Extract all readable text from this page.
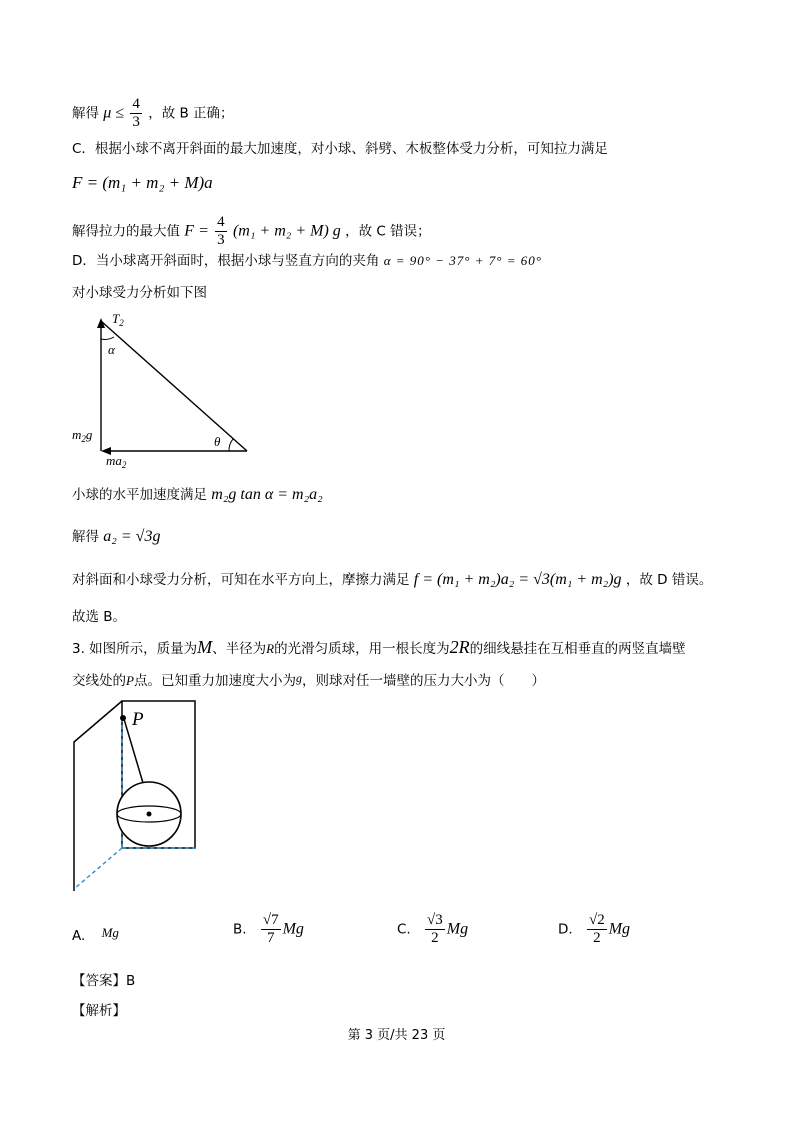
解得 $\mu \le \frac{4}{3}$ ，故 B 正确；
C．根据小球不离开斜面的最大加速度，对小球、斜劈、木板整体受力分析，可知拉力满足
F = (m₁ + m₂ + M)a
解得拉力的最大值 $F = \frac{4}{3} (m_1 + m_2 + M)$ g ，故 C 错误；
D．当小球离开斜面时，根据小球与竖直方向的夹角 α = 90° − 37° + 7° = 60°
对小球受力分析如下图
$T_2$
α
θ
$m_2g$
$ma_2$
小球的水平加速度满足 m₂g tan α = m₂a₂
解得 a₂ = √3g
对斜面和小球受力分析，可知在水平方向上，摩擦力满足 f = (m₁ + m₂)a₂ = √3(m₁ + m₂)g ，故 D 错误。
故选 B。
3. 如图所示，质量为M、半径为R的光滑匀质球，用一根长度为2R的细线悬挂在互相垂直的两竖直墙壁
交线处的P点。已知重力加速度大小为g，则球对任一墙壁的压力大小为（　　）
P
A. Mg	B. $\frac{√7}{7}$ Mg	C. $\frac{√3}{2}$ Mg	D. $\frac{√2}{2}$ Mg
【答案】B
【解析】
第 3 页/共 23 页
